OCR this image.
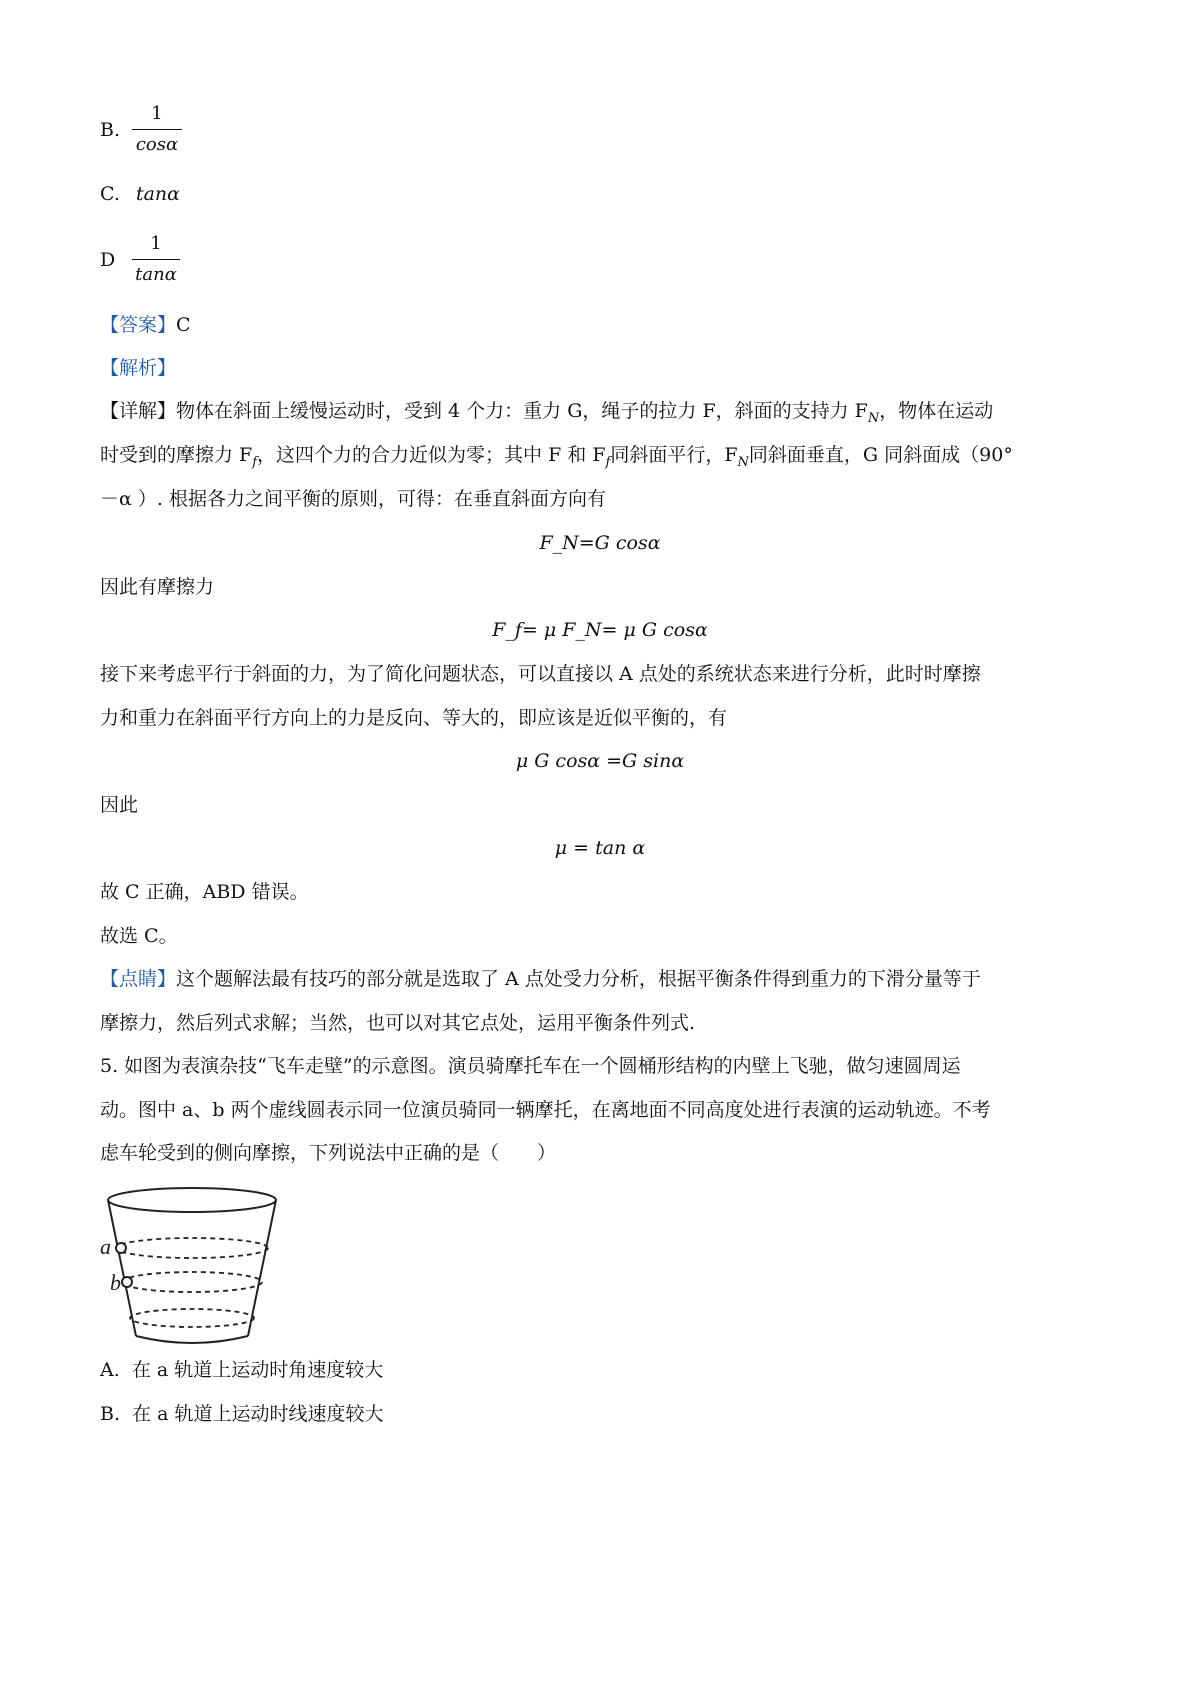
B.
1
cosα
C. tanα
D
1
tanα
【答案】C
【解析】
【详解】物体在斜面上缓慢运动时，受到 4 个力：重力 G，绳子的拉力 F，斜面的支持力 $F_N$，物体在运动
时受到的摩擦力 $F_f$，这四个力的合力近似为零；其中 F 和 $F_f$同斜面平行，$F_N$同斜面垂直，G 同斜面成（90°
－α ）. 根据各力之间平衡的原则，可得：在垂直斜面方向有
F_N=G cosα
因此有摩擦力
F_f= μ F_N= μ G cosα
接下来考虑平行于斜面的力，为了简化问题状态，可以直接以 A 点处的系统状态来进行分析，此时时摩擦
力和重力在斜面平行方向上的力是反向、等大的，即应该是近似平衡的，有
μ G cosα =G sinα
因此
μ = tan α
故 C 正确，ABD 错误。
故选 C。
【点睛】这个题解法最有技巧的部分就是选取了 A 点处受力分析，根据平衡条件得到重力的下滑分量等于
摩擦力，然后列式求解；当然，也可以对其它点处，运用平衡条件列式.
5. 如图为表演杂技“飞车走壁”的示意图。演员骑摩托车在一个圆桶形结构的内壁上飞驰，做匀速圆周运
动。图中 a、b 两个虚线圆表示同一位演员骑同一辆摩托，在离地面不同高度处进行表演的运动轨迹。不考
虑车轮受到的侧向摩擦，下列说法中正确的是（　　）
a
b
A. 在 a 轨道上运动时角速度较大
B. 在 a 轨道上运动时线速度较大
